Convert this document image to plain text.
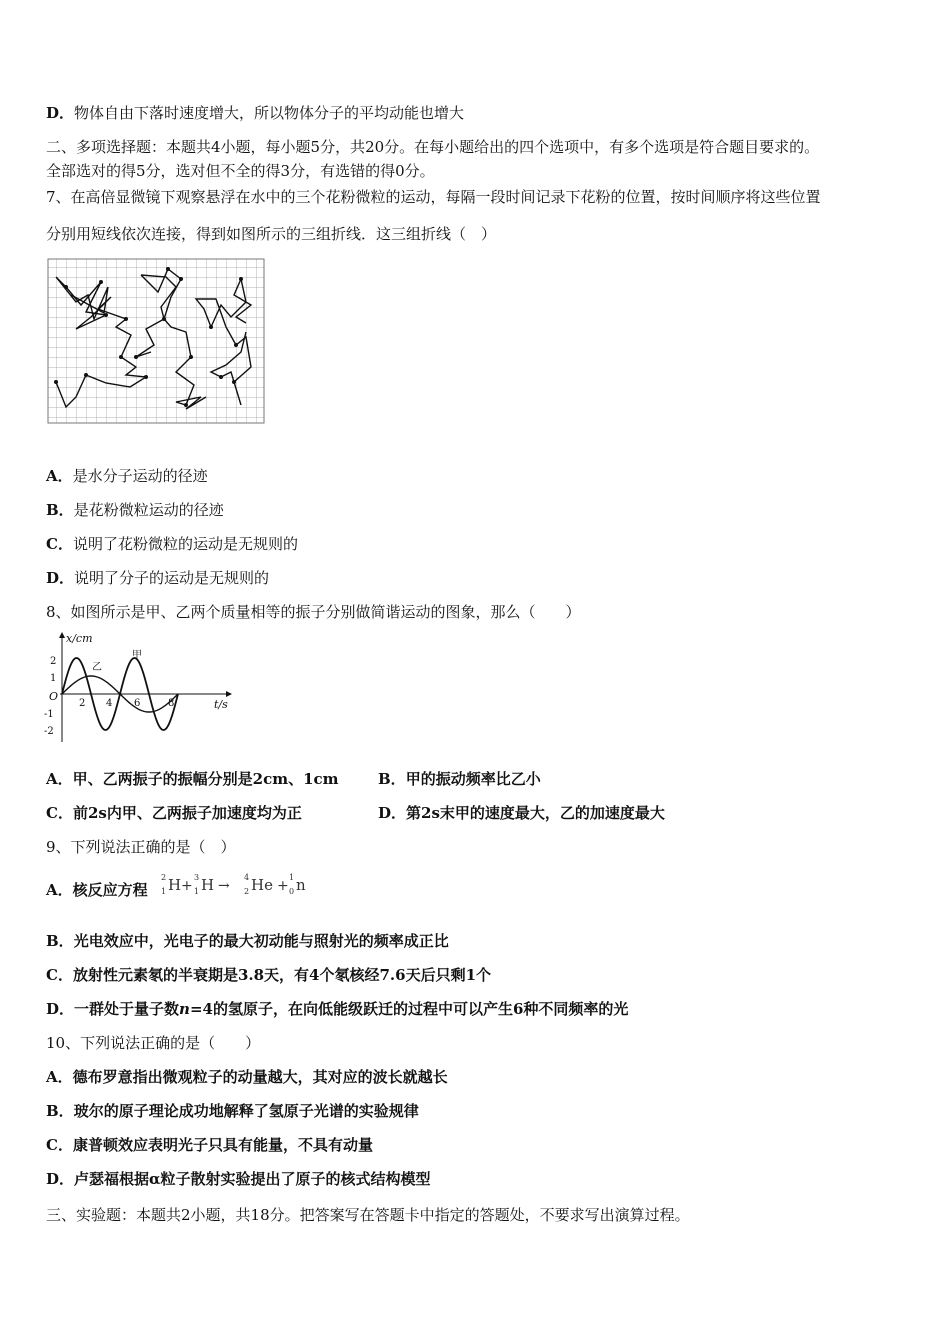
D．物体自由下落时速度增大，所以物体分子的平均动能也增大
二、多项选择题：本题共4小题，每小题5分，共20分。在每小题给出的四个选项中，有多个选项是符合题目要求的。
全部选对的得5分，选对但不全的得3分，有选错的得0分。
7、在高倍显微镜下观察悬浮在水中的三个花粉微粒的运动，每隔一段时间记录下花粉的位置，按时间顺序将这些位置
分别用短线依次连接，得到如图所示的三组折线．这三组折线（　）
A．是水分子运动的径迹
B．是花粉微粒运动的径迹
C．说明了花粉微粒的运动是无规则的
D．说明了分子的运动是无规则的
8、如图所示是甲、乙两个质量相等的振子分别做简谐运动的图象，那么（　　）
x/cm
t/s
O
2
1
-1
-2
2 4 6	8
甲
乙
A．甲、乙两振子的振幅分别是2cm、1cm	B．甲的振动频率比乙小
C．前2s内甲、乙两振子加速度均为正	D．第2s末甲的速度最大，乙的加速度最大
9、下列说法正确的是（　）
A．核反应方程
2
1 H +
3
1 H →
4
2 He +
1
0 n
B．光电效应中，光电子的最大初动能与照射光的频率成正比
C．放射性元素氡的半衰期是3.8天，有4个氡核经7.6天后只剩1个
D．一群处于量子数n=4的氢原子，在向低能级跃迁的过程中可以产生6种不同频率的光
10、下列说法正确的是（　　）
A．德布罗意指出微观粒子的动量越大，其对应的波长就越长
B．玻尔的原子理论成功地解释了氢原子光谱的实验规律
C．康普顿效应表明光子只具有能量，不具有动量
D．卢瑟福根据α粒子散射实验提出了原子的核式结构模型
三、实验题：本题共2小题，共18分。把答案写在答题卡中指定的答题处，不要求写出演算过程。
